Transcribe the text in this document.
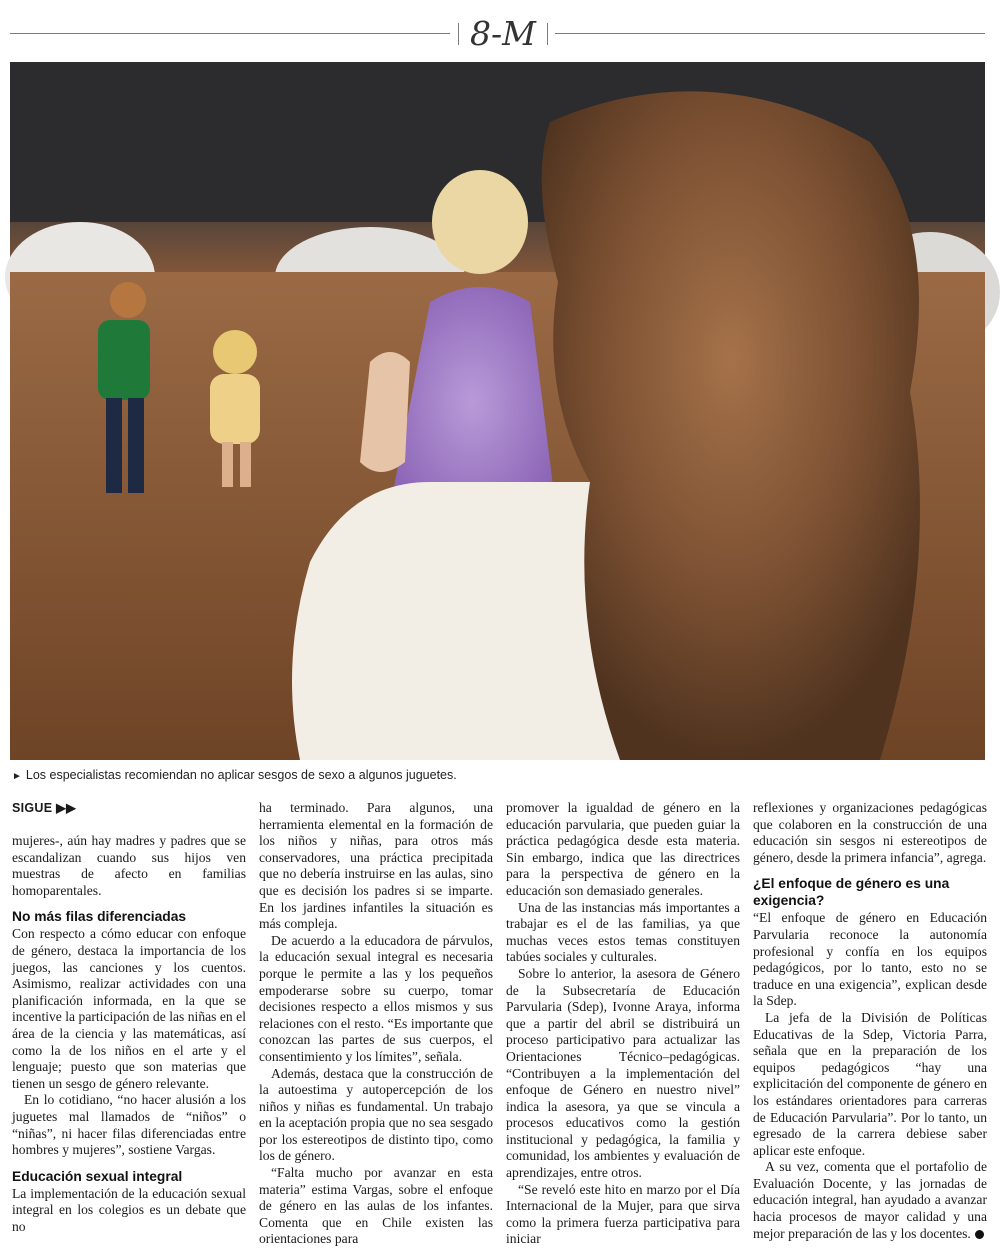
8-M
► Los especialistas recomiendan no aplicar sesgos de sexo a algunos juguetes.
SIGUE ▶▶

mujeres-, aún hay madres y padres que se escandalizan cuando sus hijos ven muestras de afecto en familias homoparentales.

No más filas diferenciadas

Con respecto a cómo educar con enfoque de género, destaca la importancia de los juegos, las canciones y los cuentos. Asimismo, realizar actividades con una planificación informada, en la que se incentive la participación de las niñas en el área de la ciencia y las matemáticas, así como la de los niños en el arte y el lenguaje; puesto que son materias que tienen un sesgo de género relevante.

En lo cotidiano, “no hacer alusión a los juguetes mal llamados de “niños” o “niñas”, ni hacer filas diferenciadas entre hombres y mujeres”, sostiene Vargas.

Educación sexual integral

La implementación de la educación sexual integral en los colegios es un debate que no

ha terminado. Para algunos, una herramienta elemental en la formación de los niños y niñas, para otros más conservadores, una práctica precipitada que no debería instruirse en las aulas, sino que es decisión los padres si se imparte. En los jardines infantiles la situación es más compleja.

De acuerdo a la educadora de párvulos, la educación sexual integral es necesaria porque le permite a las y los pequeños empoderarse sobre su cuerpo, tomar decisiones respecto a ellos mismos y sus relaciones con el resto. “Es importante que conozcan las partes de sus cuerpos, el consentimiento y los límites”, señala.

Además, destaca que la construcción de la autoestima y autopercepción de los niños y niñas es fundamental. Un trabajo en la aceptación propia que no sea sesgado por los estereotipos de distinto tipo, como los de género.

“Falta mucho por avanzar en esta materia” estima Vargas, sobre el enfoque de género en las aulas de los infantes. Comenta que en Chile existen las orientaciones para

promover la igualdad de género en la educación parvularia, que pueden guiar la práctica pedagógica desde esta materia. Sin embargo, indica que las directrices para la perspectiva de género en la educación son demasiado generales.

Una de las instancias más importantes a trabajar es el de las familias, ya que muchas veces estos temas constituyen tabúes sociales y culturales.

Sobre lo anterior, la asesora de Género de la Subsecretaría de Educación Parvularia (Sdep), Ivonne Araya, informa que a partir del abril se distribuirá un proceso participativo para actualizar las Orientaciones Técnico–pedagógicas. “Contribuyen a la implementación del enfoque de Género en nuestro nivel” indica la asesora, ya que se vincula a procesos educativos como la gestión institucional y pedagógica, la familia y comunidad, los ambientes y evaluación de aprendizajes, entre otros.

“Se reveló este hito en marzo por el Día Internacional de la Mujer, para que sirva como la primera fuerza participativa para iniciar

reflexiones y organizaciones pedagógicas que colaboren en la construcción de una educación sin sesgos ni estereotipos de género, desde la primera infancia”, agrega.

¿El enfoque de género es una exigencia?

“El enfoque de género en Educación Parvularia reconoce la autonomía profesional y confía en los equipos pedagógicos, por lo tanto, esto no se traduce en una exigencia”, explican desde la Sdep.

La jefa de la División de Políticas Educativas de la Sdep, Victoria Parra, señala que en la preparación de los equipos pedagógicos “hay una explicitación del componente de género en los estándares orientadores para carreras de Educación Parvularia”. Por lo tanto, un egresado de la carrera debiese saber aplicar este enfoque.

A su vez, comenta que el portafolio de Evaluación Docente, y las jornadas de educación integral, han ayudado a avanzar hacia procesos de mayor calidad y una mejor preparación de las y los docentes.
